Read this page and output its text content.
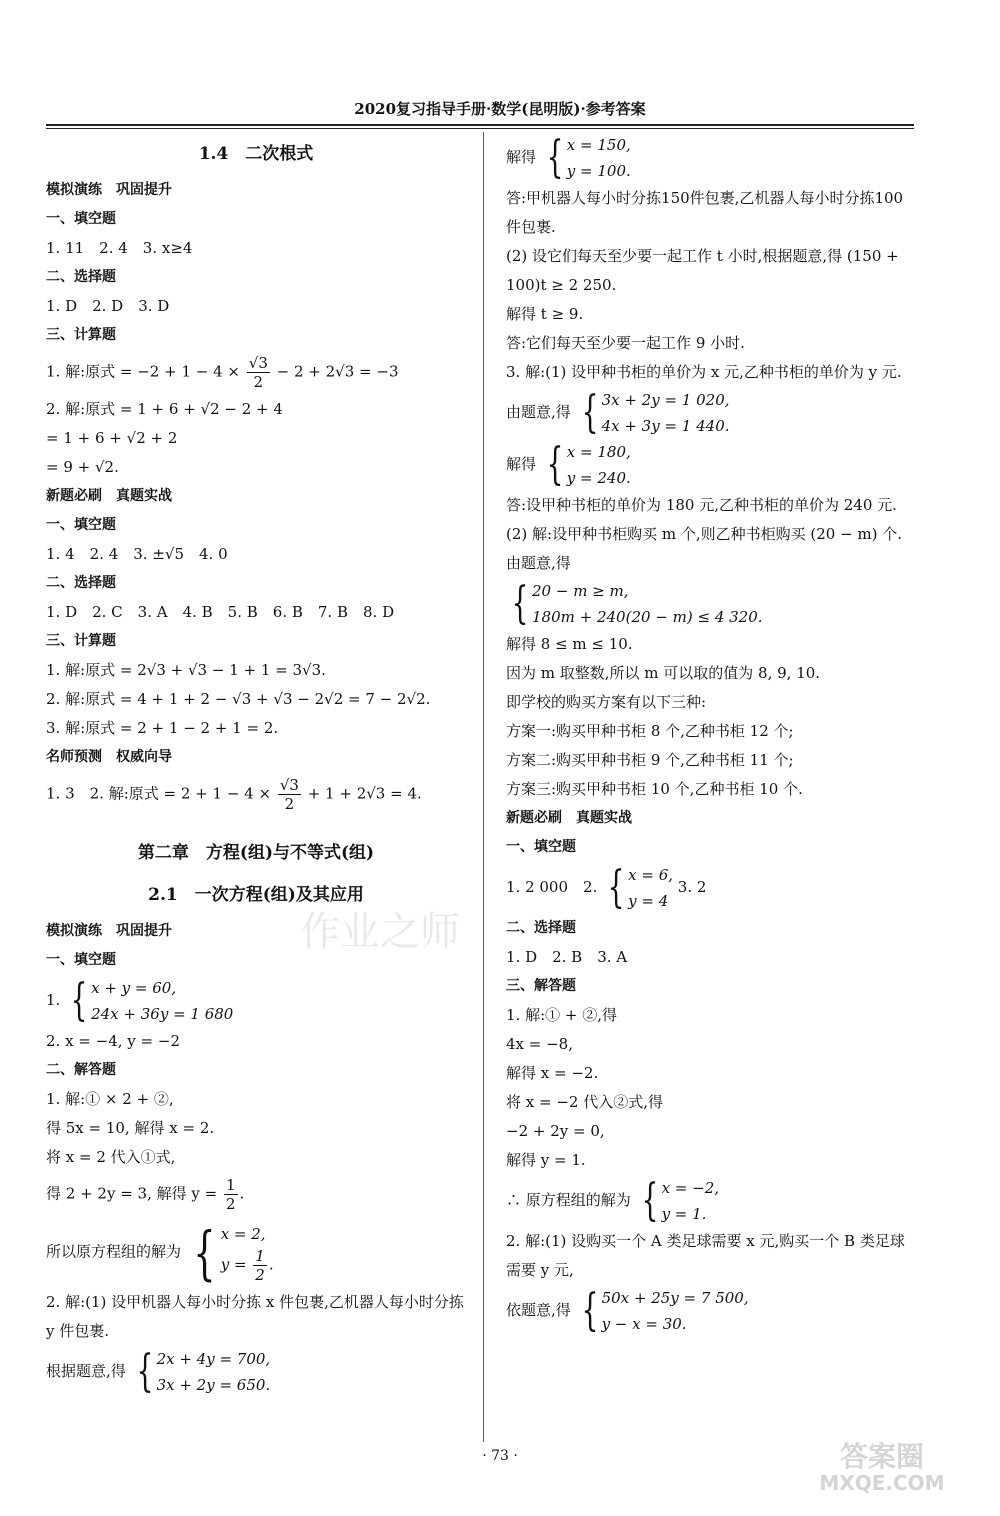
2020复习指导手册·数学(昆明版)·参考答案
作业之师
1.4　二次根式
模拟演练　巩固提升
一、填空题
1. 11　2. 4　3. x≥4
二、选择题
1. D　2. D　3. D
三、计算题
1. 解:原式 = $-2 + 1 - 4 \times \frac{√3}{2} - 2 + 2√3 = -3$
2. 解:原式 = 1 + 6 + √2 − 2 + 4
= 1 + 6 + √2 + 2
= 9 + √2.
新题必刷　真题实战
一、填空题
1. 4　2. 4　3. ±√5　4. 0
二、选择题
1. D　2. C　3. A　4. B　5. B　6. B　7. B　8. D
三、计算题
1. 解:原式 = 2√3 + √3 − 1 + 1 = 3√3.
2. 解:原式 = 4 + 1 + 2 − √3 + √3 − 2√2 = 7 − 2√2.
3. 解:原式 = 2 + 1 − 2 + 1 = 2.
名师预测　权威向导
1. 3　2. 解:原式 = $2 + 1 - 4 \times \frac{√3}{2} + 1 + 2√3 = 4$.
第二章　方程(组)与不等式(组)
2.1　一次方程(组)及其应用
模拟演练　巩固提升
一、填空题
1. { x + y = 60,
24x + 36y = 1 680
2. x = −4, y = −2
二、解答题
1. 解:① × 2 + ②,
得 5x = 10, 解得 x = 2.
将 x = 2 代入①式,
得 2 + 2y = 3, 解得 $y = \frac{1}{2}$ .
所以原方程组的解为 { x = 2,
$y = \frac{1}{2}$ .
2. 解:(1) 设甲机器人每小时分拣 x 件包裹,乙机器人每小时分拣 y 件包裹.
根据题意,得 { 2x + 4y = 700,
3x + 2y = 650.
解得 { x = 150,
y = 100.
答:甲机器人每小时分拣150件包裹,乙机器人每小时分拣100件包裹.
(2) 设它们每天至少要一起工作 t 小时,根据题意,得 (150 + 100)t ≥ 2 250.
解得 t ≥ 9.
答:它们每天至少要一起工作 9 小时.
3. 解:(1) 设甲种书柜的单价为 x 元,乙种书柜的单价为 y 元.
由题意,得 { 3x + 2y = 1 020,
4x + 3y = 1 440.
解得 { x = 180,
y = 240.
答:设甲种书柜的单价为 180 元,乙种书柜的单价为 240 元.
(2) 解:设甲种书柜购买 m 个,则乙种书柜购买 (20 − m) 个.
由题意,得
{ 20 − m ≥ m,
180m + 240(20 − m) ≤ 4 320.
解得 8 ≤ m ≤ 10.
因为 m 取整数,所以 m 可以取的值为 8, 9, 10.
即学校的购买方案有以下三种:
方案一:购买甲种书柜 8 个,乙种书柜 12 个;
方案二:购买甲种书柜 9 个,乙种书柜 11 个;
方案三:购买甲种书柜 10 个,乙种书柜 10 个.
新题必刷　真题实战
一、填空题
1. 2 000　2. { x = 6,
y = 4
3. 2
二、选择题
1. D　2. B　3. A
三、解答题
1. 解:① + ②,得
4x = −8,
解得 x = −2.
将 x = −2 代入②式,得
−2 + 2y = 0,
解得 y = 1.
∴ 原方程组的解为 { x = −2,
y = 1.
2. 解:(1) 设购买一个 A 类足球需要 x 元,购买一个 B 类足球需要 y 元,
依题意,得 { 50x + 25y = 7 500,
y − x = 30.
· 73 ·	答案圈
MXQE.COM
